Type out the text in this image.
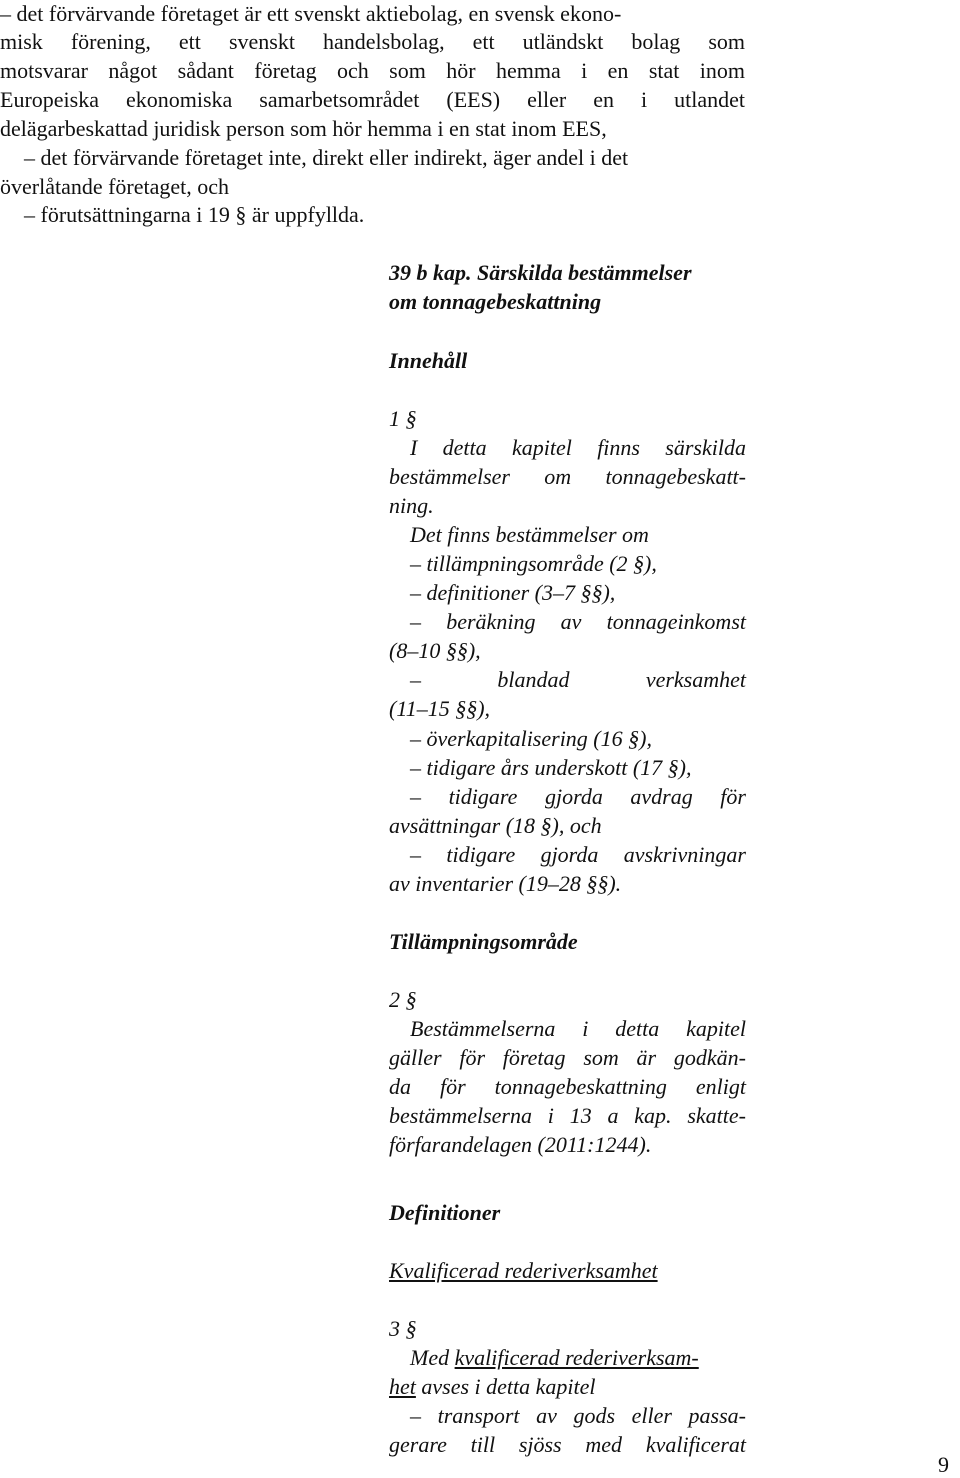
– det förvärvande företaget är ett svenskt aktiebolag, en svensk ekono-
misk förening, ett svenskt handelsbolag, ett utländskt bolag som
motsvarar något sådant företag och som hör hemma i en stat inom
Europeiska ekonomiska samarbetsområdet (EES) eller en i utlandet
delägarbeskattad juridisk person som hör hemma i en stat inom EES,
– det förvärvande företaget inte, direkt eller indirekt, äger andel i det
överlåtande företaget, och
– förutsättningarna i 19 § är uppfyllda.
39 b kap. Särskilda bestämmelser
om tonnagebeskattning
Innehåll
1 §
I detta kapitel finns särskilda
bestämmelser om tonnagebeskatt-
ning.
Det finns bestämmelser om
– tillämpningsområde (2 §),
– definitioner (3–7 §§),
– beräkning av tonnageinkomst
(8–10 §§),
– blandad verksamhet
(11–15 §§),
– överkapitalisering (16 §),
– tidigare års underskott (17 §),
– tidigare gjorda avdrag för
avsättningar (18 §), och
– tidigare gjorda avskrivningar
av inventarier (19–28 §§).
Tillämpningsområde
2 §
Bestämmelserna i detta kapitel
gäller för företag som är godkän-
da för tonnagebeskattning enligt
bestämmelserna i 13 a kap. skatte-
förfarandelagen (2011:1244).
Definitioner
Kvalificerad rederiverksamhet
3 §
Med kvalificerad rederiverksam-
het avses i detta kapitel
– transport av gods eller passa-
gerare till sjöss med kvalificerat
9
